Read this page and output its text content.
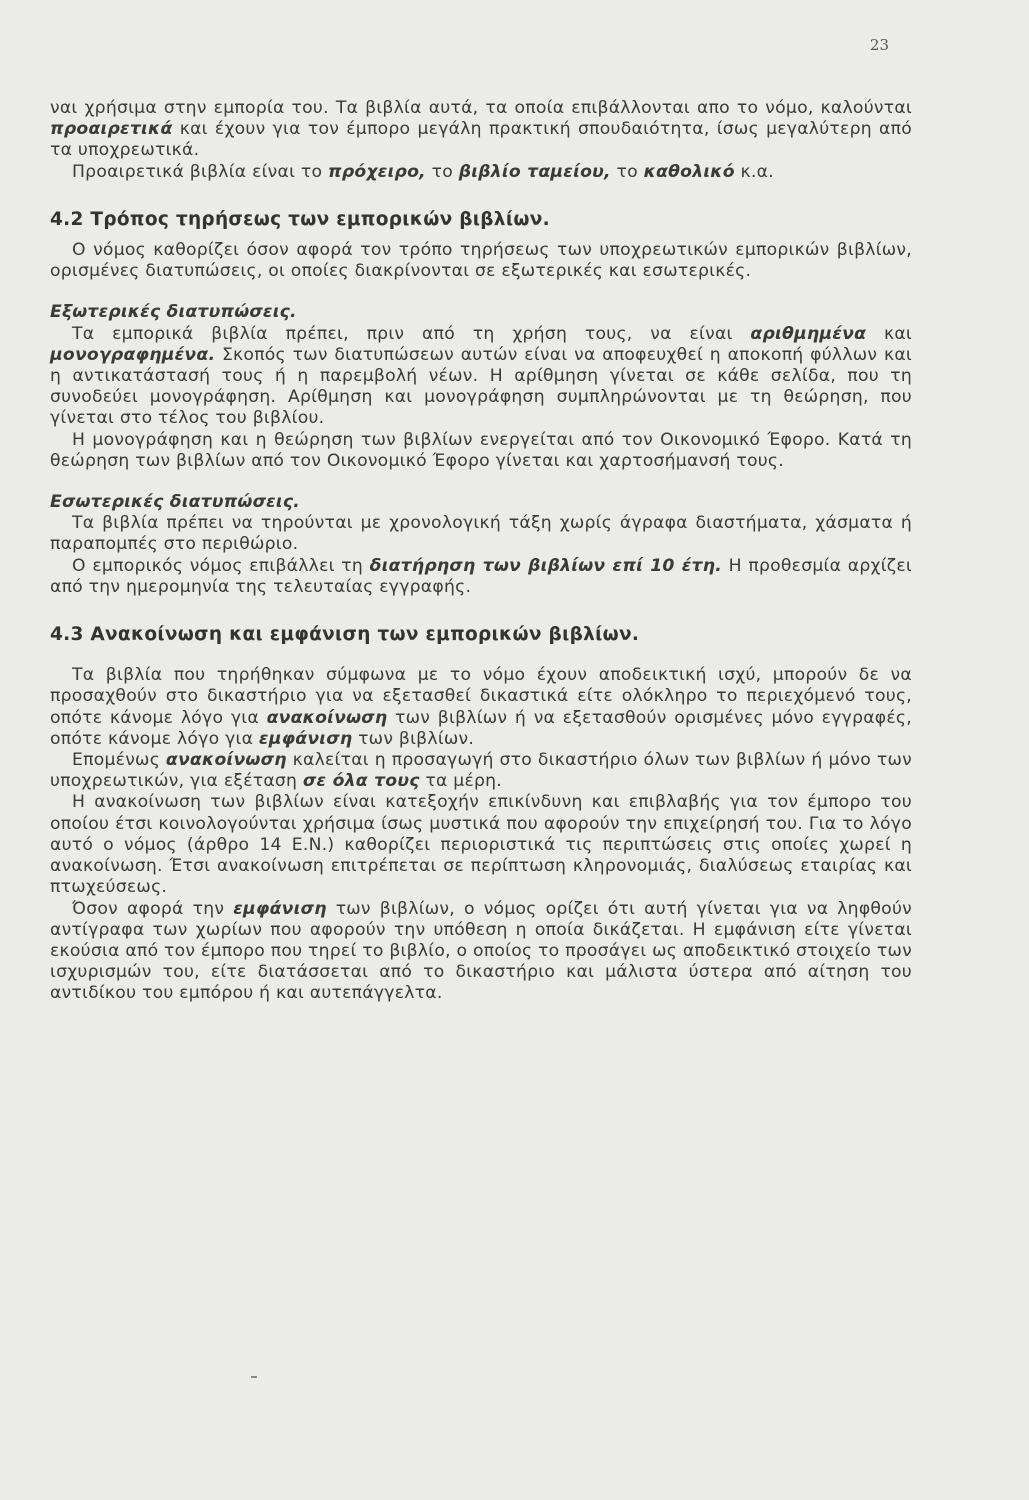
23

ναι χρήσιμα στην εμπορία του. Τα βιβλία αυτά, τα οποία επιβάλλονται απο το νόμο, καλούνται προαιρετικά και έχουν για τον έμπορο μεγάλη πρακτική σπουδαιότητα, ίσως μεγαλύτερη από τα υποχρεωτικά.

Προαιρετικά βιβλία είναι το πρόχειρο, το βιβλίο ταμείου, το καθολικό κ.α.

4.2 Τρόπος τηρήσεως των εμπορικών βιβλίων.

Ο νόμος καθορίζει όσον αφορά τον τρόπο τηρήσεως των υποχρεωτικών εμπορικών βιβλίων, ορισμένες διατυπώσεις, οι οποίες διακρίνονται σε εξωτερικές και εσωτερικές.

Εξωτερικές διατυπώσεις.

Τα εμπορικά βιβλία πρέπει, πριν από τη χρήση τους, να είναι αριθμημένα και μονογραφημένα. Σκοπός των διατυπώσεων αυτών είναι να αποφευχθεί η αποκοπή φύλλων και η αντικατάστασή τους ή η παρεμβολή νέων. Η αρίθμηση γίνεται σε κάθε σελίδα, που τη συνοδεύει μονογράφηση. Αρίθμηση και μονογράφηση συμπληρώνονται με τη θεώρηση, που γίνεται στο τέλος του βιβλίου.

Η μονογράφηση και η θεώρηση των βιβλίων ενεργείται από τον Οικονομικό Έφορο. Κατά τη θεώρηση των βιβλίων από τον Οικονομικό Έφορο γίνεται και χαρτοσήμανσή τους.

Εσωτερικές διατυπώσεις.

Τα βιβλία πρέπει να τηρούνται με χρονολογική τάξη χωρίς άγραφα διαστήματα, χάσματα ή παραπομπές στο περιθώριο.

Ο εμπορικός νόμος επιβάλλει τη διατήρηση των βιβλίων επί 10 έτη. Η προθεσμία αρχίζει από την ημερομηνία της τελευταίας εγγραφής.

4.3 Ανακοίνωση και εμφάνιση των εμπορικών βιβλίων.

Τα βιβλία που τηρήθηκαν σύμφωνα με το νόμο έχουν αποδεικτική ισχύ, μπορούν δε να προσαχθούν στο δικαστήριο για να εξετασθεί δικαστικά είτε ολόκληρο το περιεχόμενό τους, οπότε κάνομε λόγο για ανακοίνωση των βιβλίων ή να εξετασθούν ορισμένες μόνο εγγραφές, οπότε κάνομε λόγο για εμφάνιση των βιβλίων.

Επομένως ανακοίνωση καλείται η προσαγωγή στο δικαστήριο όλων των βιβλίων ή μόνο των υποχρεωτικών, για εξέταση σε όλα τους τα μέρη.

Η ανακοίνωση των βιβλίων είναι κατεξοχήν επικίνδυνη και επιβλαβής για τον έμπορο του οποίου έτσι κοινολογούνται χρήσιμα ίσως μυστικά που αφορούν την επιχείρησή του. Για το λόγο αυτό ο νόμος (άρθρο 14 Ε.Ν.) καθορίζει περιοριστικά τις περιπτώσεις στις οποίες χωρεί η ανακοίνωση. Έτσι ανακοίνωση επιτρέπεται σε περίπτωση κληρονομιάς, διαλύσεως εταιρίας και πτωχεύσεως.

Όσον αφορά την εμφάνιση των βιβλίων, ο νόμος ορίζει ότι αυτή γίνεται για να ληφθούν αντίγραφα των χωρίων που αφορούν την υπόθεση η οποία δικάζεται. Η εμφάνιση είτε γίνεται εκούσια από τον έμπορο που τηρεί το βιβλίο, ο οποίος το προσάγει ως αποδεικτικό στοιχείο των ισχυρισμών του, είτε διατάσσεται από το δικαστήριο και μάλιστα ύστερα από αίτηση του αντιδίκου του εμπόρου ή και αυτεπάγγελτα.
